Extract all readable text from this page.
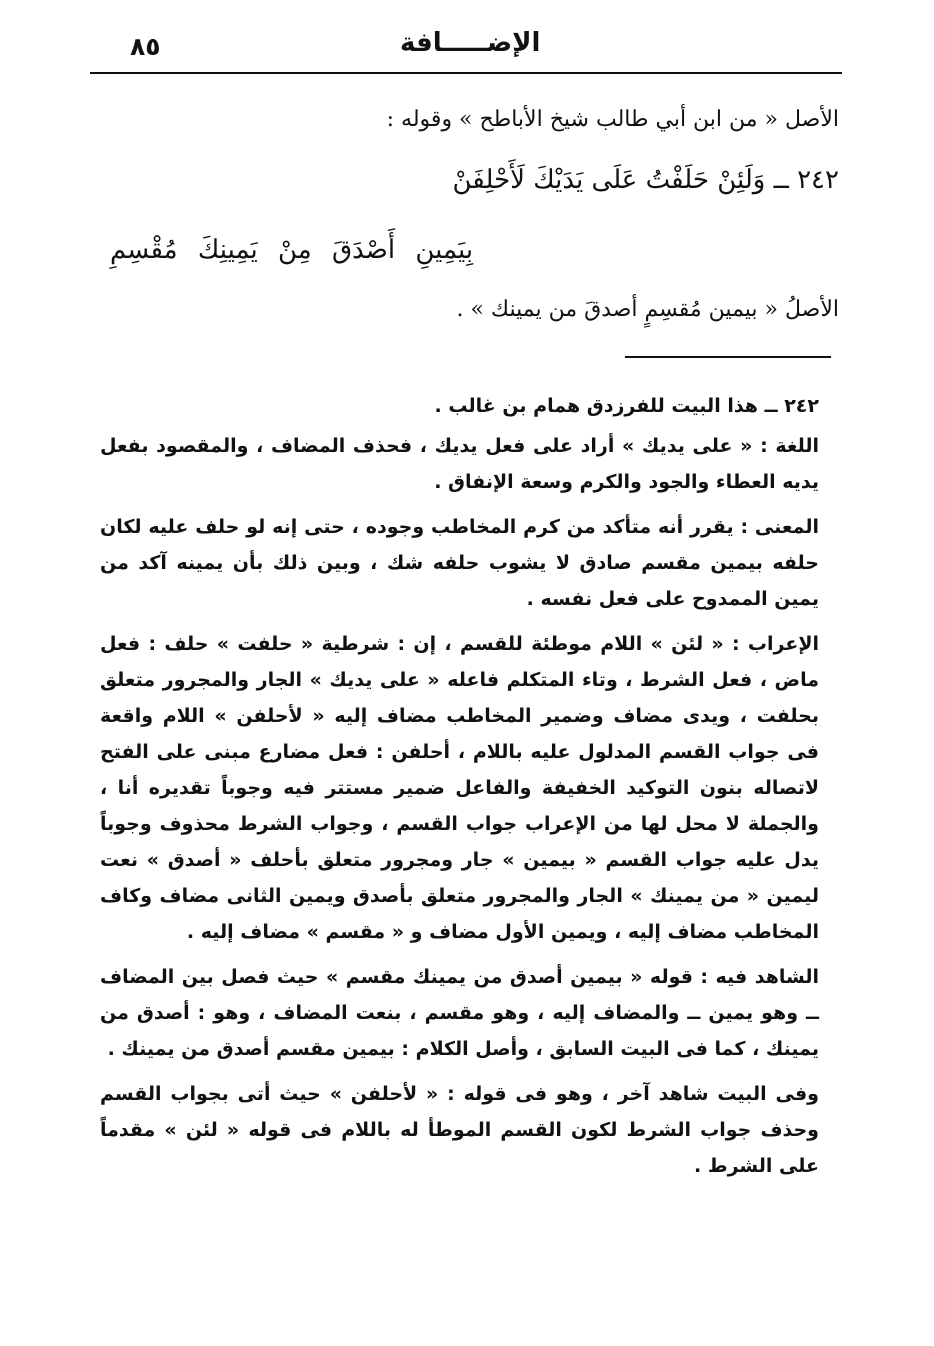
٨٥	الإضـــــافة

الأصل « من ابن أبي طالب شيخ الأباطح » وقوله :

٢٤٢ ــ وَلَئِنْ حَلَفْتُ عَلَى يَدَيْكَ لَأَحْلِفَنْ

بِيَمِينِ أَصْدَقَ مِنْ يَمِينِكَ مُقْسِمِ

الأصلُ « بيمين مُقسِمٍ أصدقَ من يمينك » .

٢٤٢ ــ هذا البيت للفرزدق همام بن غالب .

اللغة : « على يديك » أراد على فعل يديك ، فحذف المضاف ، والمقصود بفعل يديه العطاء والجود والكرم وسعة الإنفاق .

المعنى : يقرر أنه متأكد من كرم المخاطب وجوده ، حتى إنه لو حلف عليه لكان حلفه بيمين مقسم صادق لا يشوب حلفه شك ، وبين ذلك بأن يمينه آكد من يمين الممدوح على فعل نفسه .

الإعراب : « لئن » اللام موطئة للقسم ، إن : شرطية « حلفت » حلف : فعل ماض ، فعل الشرط ، وتاء المتكلم فاعله « على يديك » الجار والمجرور متعلق بحلفت ، ويدى مضاف وضمير المخاطب مضاف إليه « لأحلفن » اللام واقعة فى جواب القسم المدلول عليه باللام ، أحلفن : فعل مضارع مبنى على الفتح لاتصاله بنون التوكيد الخفيفة والفاعل ضمير مستتر فيه وجوباً تقديره أنا ، والجملة لا محل لها من الإعراب جواب القسم ، وجواب الشرط محذوف وجوباً يدل عليه جواب القسم « بيمين » جار ومجرور متعلق بأحلف « أصدق » نعت ليمين « من يمينك » الجار والمجرور متعلق بأصدق ويمين الثانى مضاف وكاف المخاطب مضاف إليه ، ويمين الأول مضاف و « مقسم » مضاف إليه .

الشاهد فيه : قوله « بيمين أصدق من يمينك مقسم » حيث فصل بين المضاف ــ وهو يمين ــ والمضاف إليه ، وهو مقسم ، بنعت المضاف ، وهو : أصدق من يمينك ، كما فى البيت السابق ، وأصل الكلام : بيمين مقسم أصدق من يمينك .

وفى البيت شاهد آخر ، وهو فى قوله : « لأحلفن » حيث أتى بجواب القسم وحذف جواب الشرط لكون القسم الموطأ له باللام فى قوله « لئن » مقدماً على الشرط .
